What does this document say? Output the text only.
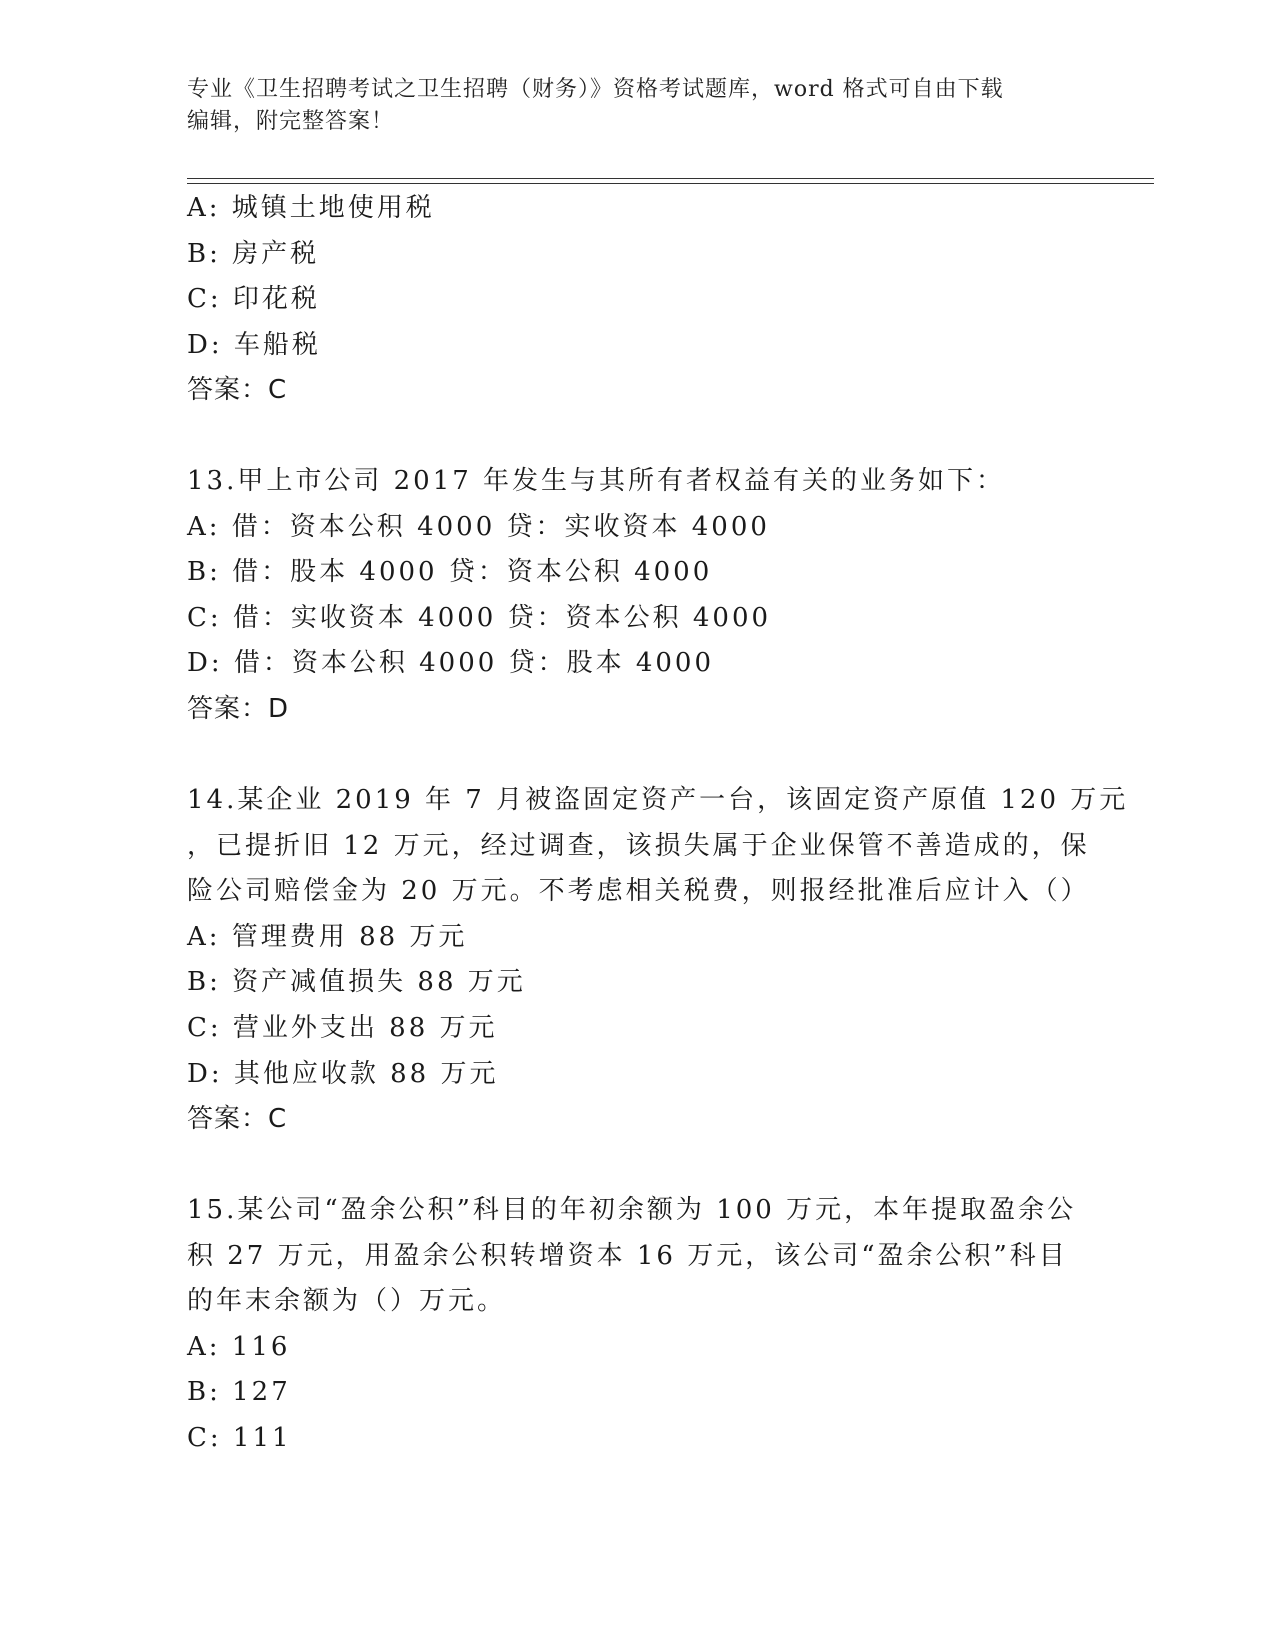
专业《卫生招聘考试之卫生招聘（财务）》资格考试题库，word 格式可自由下载
编辑，附完整答案！
A: 城镇土地使用税
B: 房产税
C: 印花税
D: 车船税
答案：C
13.甲上市公司 2017 年发生与其所有者权益有关的业务如下：
A: 借：资本公积 4000 贷：实收资本 4000
B: 借：股本 4000 贷：资本公积 4000
C: 借：实收资本 4000 贷：资本公积 4000
D: 借：资本公积 4000 贷：股本 4000
答案：D
14.某企业 2019 年 7 月被盗固定资产一台，该固定资产原值 120 万元
，已提折旧 12 万元，经过调查，该损失属于企业保管不善造成的，保
险公司赔偿金为 20 万元。不考虑相关税费，则报经批准后应计入（）
A: 管理费用 88 万元
B: 资产减值损失 88 万元
C: 营业外支出 88 万元
D: 其他应收款 88 万元
答案：C
15.某公司“盈余公积”科目的年初余额为 100 万元，本年提取盈余公
积 27 万元，用盈余公积转增资本 16 万元，该公司“盈余公积”科目
的年末余额为（）万元。
A: 116
B: 127
C: 111
